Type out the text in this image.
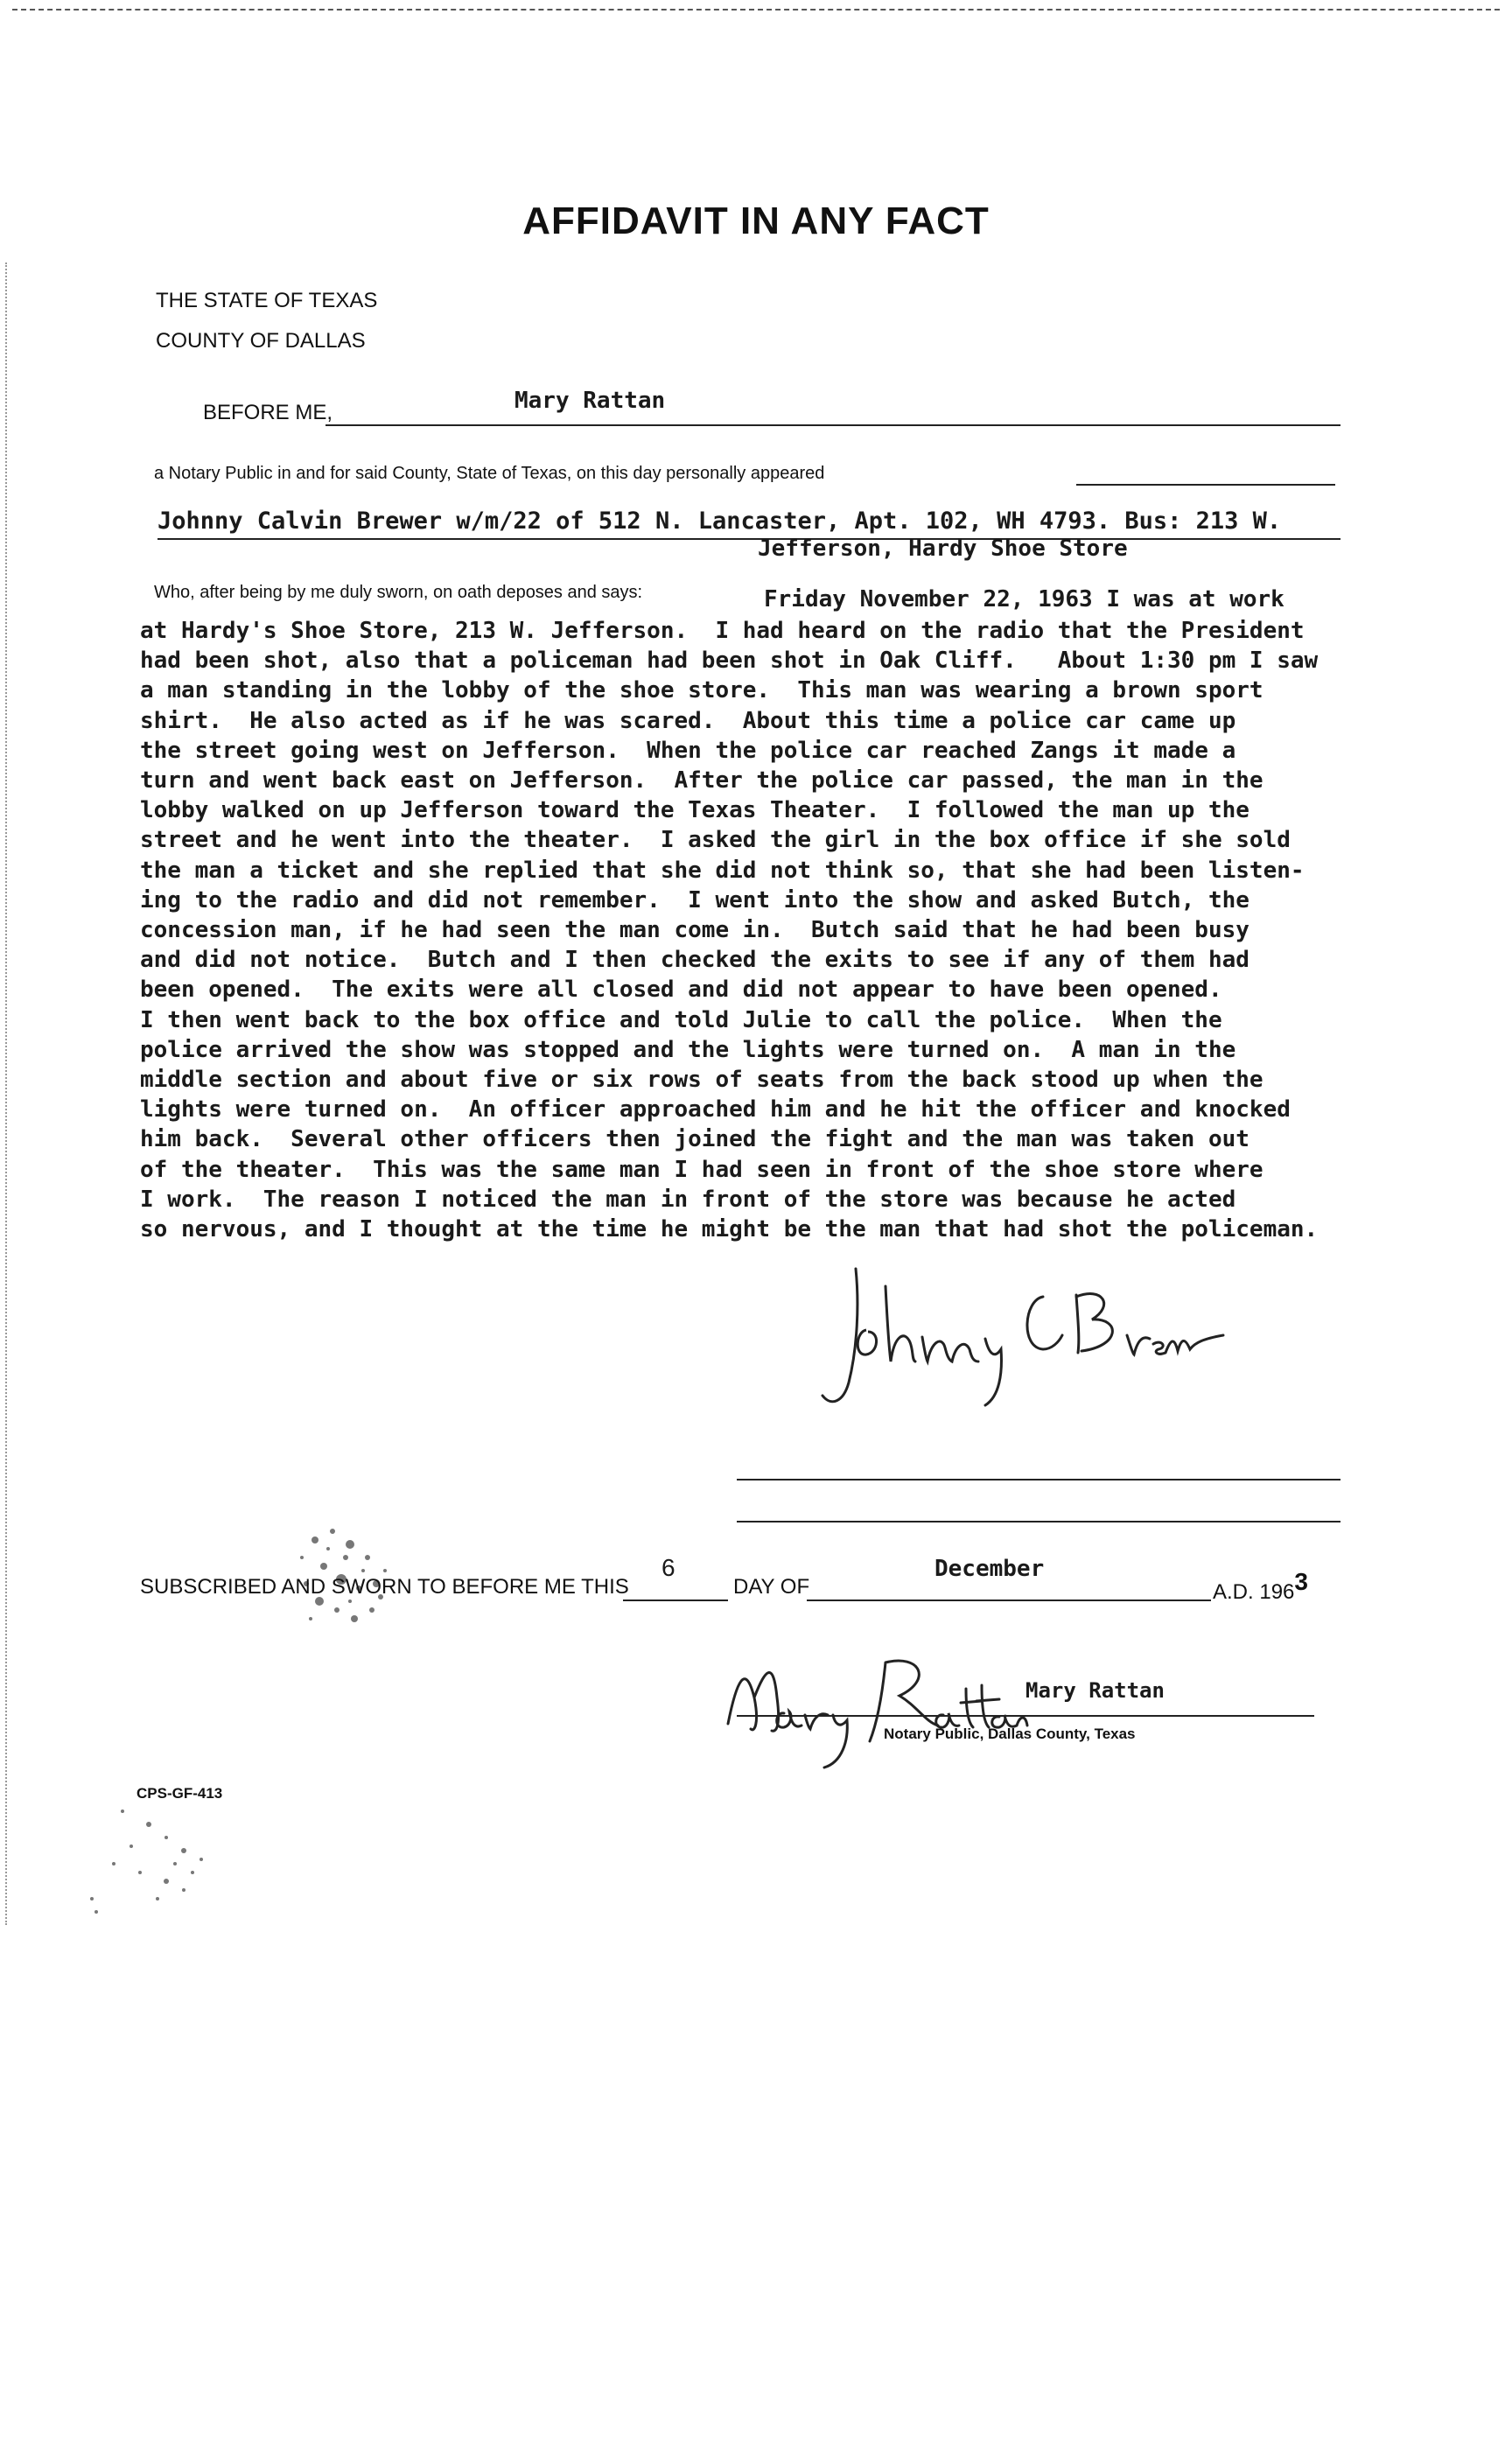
AFFIDAVIT IN ANY FACT
THE STATE OF TEXAS
COUNTY OF DALLAS
BEFORE ME,	Mary Rattan
a Notary Public in and for said County, State of Texas, on this day personally appeared
Johnny Calvin Brewer w/m/22 of 512 N. Lancaster, Apt. 102, WH 4793. Bus: 213 W.
Jefferson, Hardy Shoe Store
Who, after being by me duly sworn, on oath deposes and says:	Friday November 22, 1963 I was at work
at Hardy's Shoe Store, 213 W. Jefferson.  I had heard on the radio that the President
had been shot, also that a policeman had been shot in Oak Cliff.   About 1:30 pm I saw
a man standing in the lobby of the shoe store.  This man was wearing a brown sport
shirt.  He also acted as if he was scared.  About this time a police car came up
the street going west on Jefferson.  When the police car reached Zangs it made a
turn and went back east on Jefferson.  After the police car passed, the man in the
lobby walked on up Jefferson toward the Texas Theater.  I followed the man up the
street and he went into the theater.  I asked the girl in the box office if she sold
the man a ticket and she replied that she did not think so, that she had been listen-
ing to the radio and did not remember.  I went into the show and asked Butch, the
concession man, if he had seen the man come in.  Butch said that he had been busy
and did not notice.  Butch and I then checked the exits to see if any of them had
been opened.  The exits were all closed and did not appear to have been opened.
I then went back to the box office and told Julie to call the police.  When the
police arrived the show was stopped and the lights were turned on.  A man in the
middle section and about five or six rows of seats from the back stood up when the
lights were turned on.  An officer approached him and he hit the officer and knocked
him back.  Several other officers then joined the fight and the man was taken out
of the theater.  This was the same man I had seen in front of the shoe store where
I work.  The reason I noticed the man in front of the store was because he acted
so nervous, and I thought at the time he might be the man that had shot the policeman.
SUBSCRIBED AND SWORN TO BEFORE ME THIS
6
DAY OF
December
A.D. 1963
Mary Rattan
Notary Public, Dallas County, Texas
CPS-GF-413
